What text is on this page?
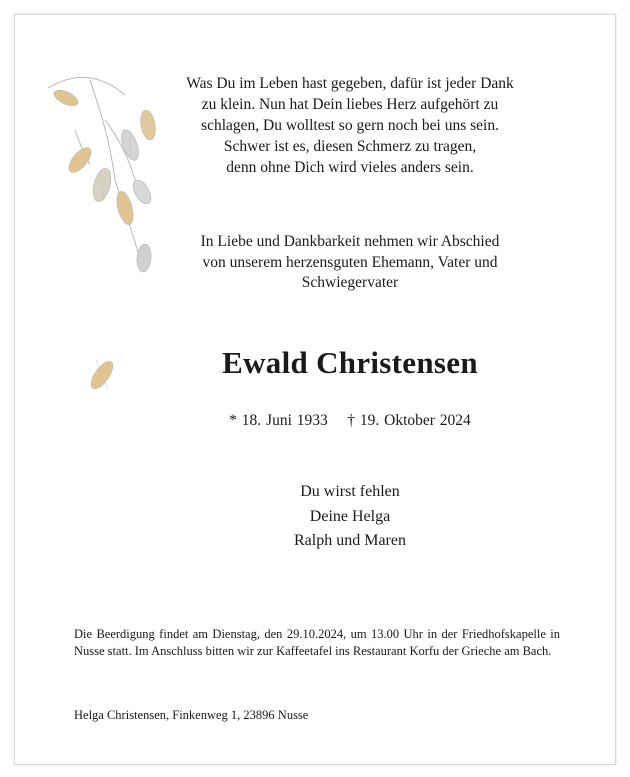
Was Du im Leben hast gegeben, dafür ist jeder Dank
zu klein. Nun hat Dein liebes Herz aufgehört zu
schlagen, Du wolltest so gern noch bei uns sein.
Schwer ist es, diesen Schmerz zu tragen,
denn ohne Dich wird vieles anders sein.
In Liebe und Dankbarkeit nehmen wir Abschied
von unserem herzensguten Ehemann, Vater und
Schwiegervater
Ewald Christensen
* 18. Juni 1933 † 19. Oktober 2024
Du wirst fehlen
Deine Helga
Ralph und Maren
Die Beerdigung findet am Dienstag, den 29.10.2024, um 13.00 Uhr in der Friedhofskapelle in Nusse statt. Im Anschluss bitten wir zur Kaffeetafel ins Restaurant Korfu der Grieche am Bach.
Helga Christensen, Finkenweg 1, 23896 Nusse
